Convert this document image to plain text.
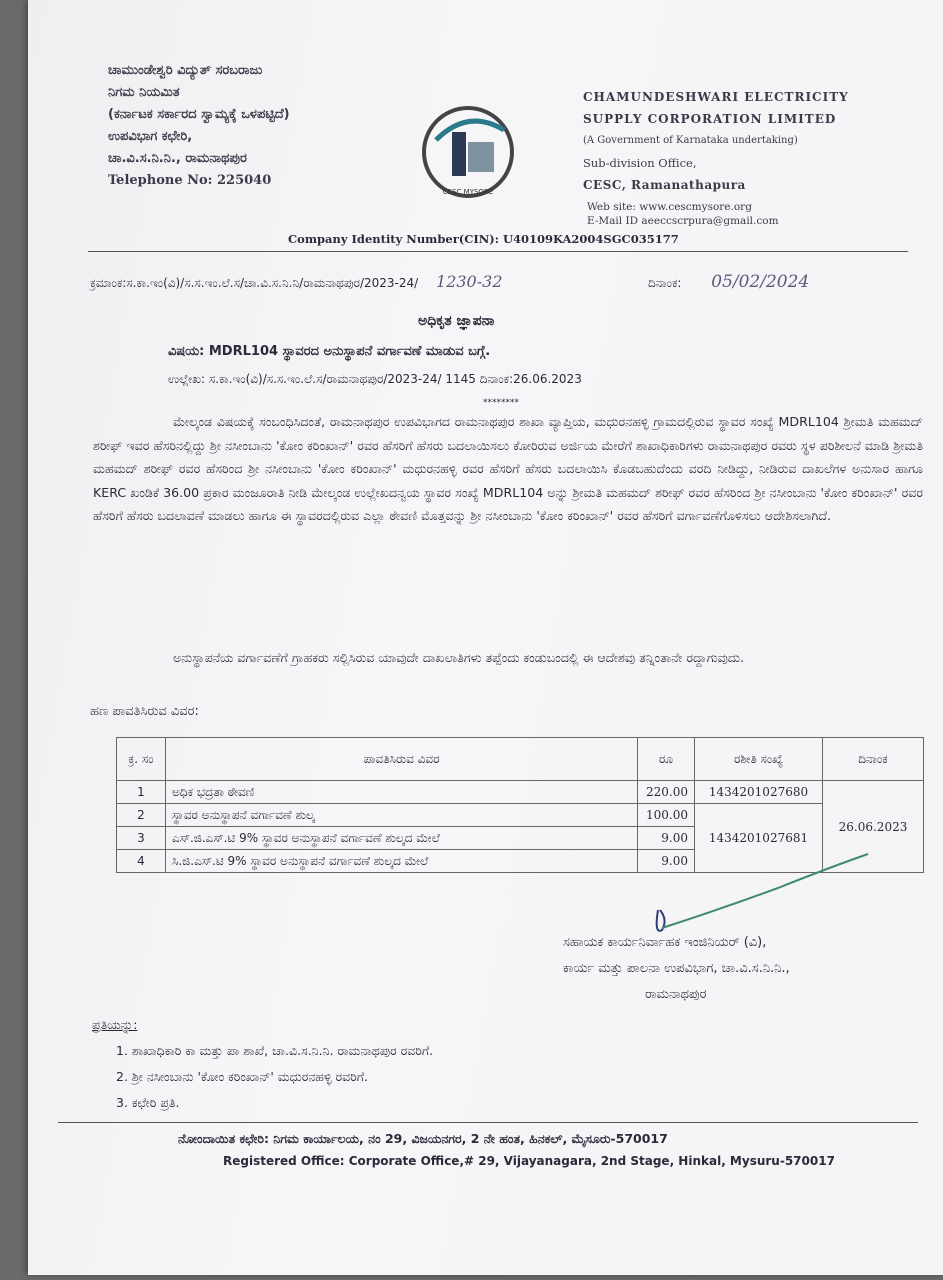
ಚಾಮುಂಡೇಶ್ವರಿ ವಿದ್ಯುತ್ ಸರಬರಾಜು
ನಿಗಮ ನಿಯಮಿತ
(ಕರ್ನಾಟಕ ಸರ್ಕಾರದ ಸ್ವಾಮ್ಯಕ್ಕೆ ಒಳಪಟ್ಟಿದೆ)
ಉಪವಿಭಾಗ ಕಛೇರಿ,
ಚಾ.ವಿ.ಸ.ನಿ.ನಿ., ರಾಮನಾಥಪುರ
Telephone No: 225040
CESC MYSORE
CHAMUNDESHWARI ELECTRICITY
SUPPLY CORPORATION LIMITED
(A Government of Karnataka undertaking)
Sub-division Office,
CESC, Ramanathapura
Web site: www.cescmysore.org
E-Mail ID aeeccscrpura@gmail.com
Company Identity Number(CIN): U40109KA2004SGC035177
ಕ್ರಮಾಂಕ:ಸ.ಕಾ.ಇಂ(ವಿ)/ಸ.ಸ.ಇಂ.ಲೆ.ಸ/ಚಾ.ವಿ.ಸ.ನಿ.ನಿ/ರಾಮನಾಥಪುರ/2023-24/ 1230-32	ದಿನಾಂಕ: 05/02/2024
ಅಧಿಕೃತ ಜ್ಞಾಪನಾ
ವಿಷಯ: MDRL104 ಸ್ಥಾವರದ ಅನುಸ್ಥಾಪನೆ ವರ್ಗಾವಣೆ ಮಾಡುವ ಬಗ್ಗೆ.
ಉಲ್ಲೇಖ: ಸ.ಕಾ.ಇಂ(ವಿ)/ಸ.ಸ.ಇಂ.ಲೆ.ಸ/ರಾಮನಾಥಪುರ/2023-24/ 1145 ದಿನಾಂಕ:26.06.2023
********

ಮೇಲ್ಕಂಡ ವಿಷಯಕ್ಕೆ ಸಂಬಂಧಿಸಿದಂತೆ, ರಾಮನಾಥಪುರ ಉಪವಿಭಾಗದ ರಾಮನಾಥಪುರ ಶಾಖಾ ವ್ಯಾಪ್ತಿಯ, ಮಧುರನಹಳ್ಳಿ ಗ್ರಾಮದಲ್ಲಿರುವ ಸ್ಥಾವರ ಸಂಖ್ಯೆ MDRL104 ಶ್ರೀಮತಿ ಮಹಮದ್ ಶರೀಫ್ ಇವರ ಹೆಸರಿನಲ್ಲಿದ್ದು ಶ್ರೀ ನಸೀಂಬಾನು 'ಕೋಂ ಕರಿಂಖಾನ್' ರವರ ಹೆಸರಿಗೆ ಹೆಸರು ಬದಲಾಯಿಸಲು ಕೋರಿರುವ ಅರ್ಜಿಯ ಮೇರೆಗೆ ಶಾಖಾಧಿಕಾರಿಗಳು ರಾಮನಾಥಪುರ ರವರು ಸ್ಥಳ ಪರಿಶೀಲನೆ ಮಾಡಿ ಶ್ರೀಮತಿ ಮಹಮದ್ ಶರೀಫ್ ರವರ ಹೆಸರಿಂದ ಶ್ರೀ ನಸೀಂಬಾನು 'ಕೋಂ ಕರಿಂಖಾನ್' ಮಧುರನಹಳ್ಳಿ ರವರ ಹೆಸರಿಗೆ ಹೆಸರು ಬದಲಾಯಿಸಿ ಕೊಡಬಹುದೆಂದು ವರದಿ ನೀಡಿದ್ದು, ನೀಡಿರುವ ದಾಖಲೆಗಳ ಅನುಸಾರ ಹಾಗೂ KERC ಖಂಡಿಕೆ 36.00 ಪ್ರಕಾರ ಮಂಜೂರಾತಿ ನೀಡಿ ಮೇಲ್ಕಂಡ ಉಲ್ಲೇಖದನ್ವಯ ಸ್ಥಾವರ ಸಂಖ್ಯೆ MDRL104 ಅನ್ನು ಶ್ರೀಮತಿ ಮಹಮದ್ ಶರೀಫ್ ರವರ ಹೆಸರಿಂದ ಶ್ರೀ ನಸೀಂಬಾನು 'ಕೋಂ ಕರಿಂಖಾನ್' ರವರ ಹೆಸರಿಗೆ ಹೆಸರು ಬದಲಾವಣೆ ಮಾಡಲು ಹಾಗೂ ಈ ಸ್ಥಾವರದಲ್ಲಿರುವ ಎಲ್ಲಾ ಠೇವಣಿ ಮೊತ್ತವನ್ನು ಶ್ರೀ ನಸೀಂಬಾನು 'ಕೋಂ ಕರಿಂಖಾನ್' ರವರ ಹೆಸರಿಗೆ ವರ್ಗಾವಣೆಗೊಳಿಸಲು ಆದೇಶಿಸಲಾಗಿದೆ.

ಅನುಸ್ಥಾಪನೆಯ ವರ್ಗಾವಣೆಗೆ ಗ್ರಾಹಕರು ಸಲ್ಲಿಸಿರುವ ಯಾವುದೇ ದಾಖಲಾತಿಗಳು ತಪ್ಪೆಂದು ಕಂಡುಬಂದಲ್ಲಿ ಈ ಆದೇಶವು ತನ್ನಿಂತಾನೇ ರದ್ದಾಗುವುದು.

ಹಣ ಪಾವತಿಸಿರುವ ವಿವರ:
ಕ್ರ. ಸಂ	ಪಾವತಿಸಿರುವ ವಿವರ	ರೂ	ರಶೀತಿ ಸಂಖ್ಯೆ	ದಿನಾಂಕ
1	ಅಧಿಕ ಭದ್ರತಾ ಠೇವಣಿ	220.00	1434201027680	26.06.2023
2	ಸ್ಥಾವರ ಅನುಸ್ಥಾಪನೆ ವರ್ಗಾವಣೆ ಶುಲ್ಕ	100.00	1434201027681	
3	ಎಸ್.ಜಿ.ಎಸ್.ಟಿ 9% ಸ್ಥಾವರ ಅನುಸ್ಥಾಪನೆ ವರ್ಗಾವಣೆ ಶುಲ್ಕದ ಮೇಲೆ	9.00		
4	ಸಿ.ಜಿ.ಎಸ್.ಟಿ 9% ಸ್ಥಾವರ ಅನುಸ್ಥಾಪನೆ ವರ್ಗಾವಣೆ ಶುಲ್ಕದ ಮೇಲೆ	9.00		
ಸಹಾಯಕ ಕಾರ್ಯನಿರ್ವಾಹಕ ಇಂಜಿನಿಯರ್ (ವಿ),
ಕಾರ್ಯ ಮತ್ತು ಪಾಲನಾ ಉಪವಿಭಾಗ, ಚಾ.ವಿ.ಸ.ನಿ.ನಿ.,
ರಾಮನಾಥಪುರ
ಪ್ರತಿಯನ್ನು:
1. ಶಾಖಾಧಿಕಾರಿ ಕಾ ಮತ್ತು ಪಾ ಶಾಖೆ, ಚಾ.ವಿ.ಸ.ನಿ.ನಿ. ರಾಮನಾಥಪುರ ರವರಿಗೆ.
2. ಶ್ರೀ ನಸೀಂಬಾನು 'ಕೋಂ ಕರಿಂಖಾನ್' ಮಧುರನಹಳ್ಳಿ ರವರಿಗೆ.
3. ಕಛೇರಿ ಪ್ರತಿ.
ನೋಂದಾಯಿತ ಕಛೇರಿ: ನಿಗಮ ಕಾರ್ಯಾಲಯ, ನಂ 29, ವಿಜಯನಗರ, 2 ನೇ ಹಂತ, ಹಿನಕಲ್, ಮೈಸೂರು-570017
Registered Office: Corporate Office,# 29, Vijayanagara, 2nd Stage, Hinkal, Mysuru-570017
